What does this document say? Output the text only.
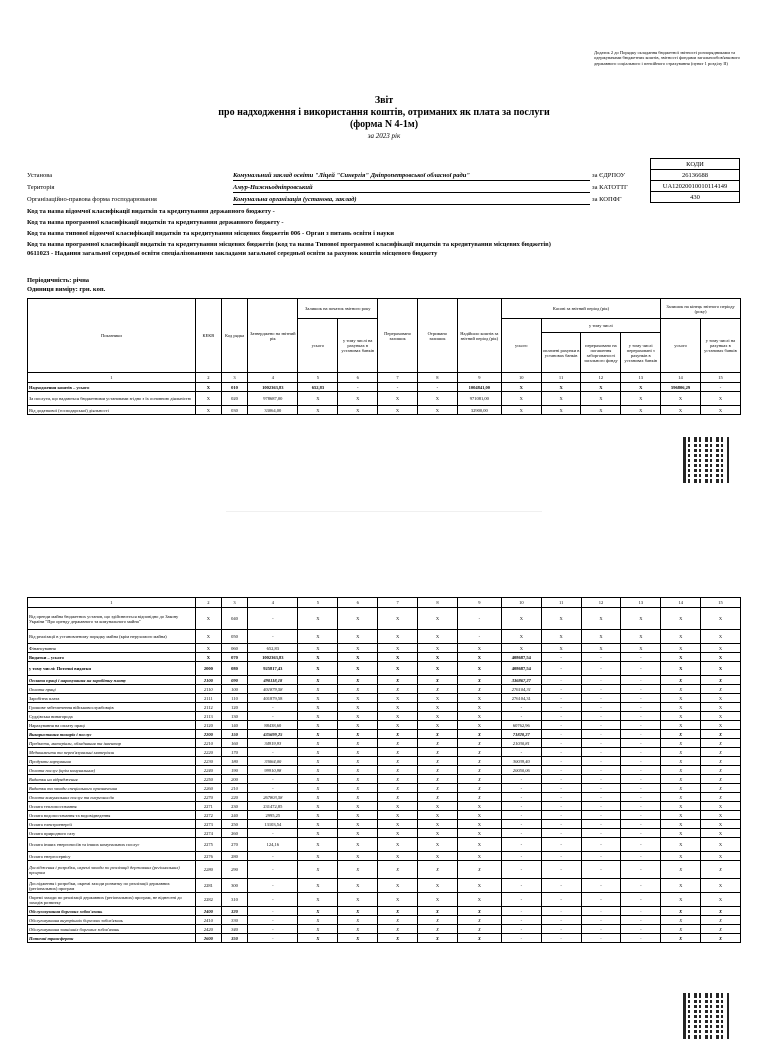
Додаток 2 до Порядку складання бюджетної звітності розпорядниками та одержувачами бюджетних коштів, звітності фондами загальнообов'язкового державного соціального і пенсійного страхування (пункт 1 розділу II)
Звіт
про надходження і використання коштів, отриманих як плата за послуги
(форма N 4-1м)
за 2023 рік
КОДИ
26136688
UA12020010010114149
430
Установа	Комунальний заклад освіти "Ліцей "Синергія" Дніпропетровської обласної ради"	за ЄДРПОУ
Територія	Амур-Нижньодніпровський	за КАТОТТГ
Організаційно-правова форма господарювання	Комунальна організація (установа, заклад)	за КОПФГ
Код та назва відомчої класифікації видатків та кредитування державного бюджету -
Код та назва програмної класифікації видатків та кредитування державного бюджету -
Код та назва типової відомчої класифікації видатків та кредитування місцевих бюджетів 006 - Орган з питань освіти і науки
Код та назва програмної класифікації видатків та кредитування місцевих бюджетів (код та назва Типової програмної класифікації видатків та кредитування місцевих бюджетів) 0611023 - Надання загальної середньої освіти спеціалізованими закладами загальної середньої освіти за рахунок коштів місцевого бюджету
Періодичність: річна
Одиниця виміру: грн. коп.
Показники	КЕКВ	Код рядка	Затверджено на звітний рік	Залишок на початок звітного року		Перераховано залишок	Отримано залишок	Надійшло коштів за звітний період (рік)	Касові за звітний період (рік)				Залишок на кінець звітного періоду (року)	
				усього	у тому числі на рахунках в установах банків				усього	у тому числі			усього	у тому числі на рахунках в установах банків
										оплачені рахунки в установах банків	перераховано на погашення заборгованості загального фонду	у тому числі перераховані з рахунків в установах банків		
1	2	3	4	5	6	7	8	9	10	11	12	13	14	15
Надходження коштів – усього	X	010	1002363,83	652,83	-	-	-	1004841,00	X	X	X	X	596806,29	-
За послуги, що надаються бюджетними установами згідно з їх основною діяльністю	X	020	978687,00	X	X	X	X	971081,00	X	X	X	X	X	X
Від додаткової (господарської) діяльності	X	030	33064,00	X	X	X	X	32900,00	X	X	X	X	X	X
―――――――――――――――――――――――――――――――――――――――――――――――――――――――――――――――――――――――――――――――
1	2	3	4	5	6	7	8	9	10	11	12	13	14	15
Від оренди майна бюджетних установ, що здійснюється відповідно до Закону України "Про оренду державного та комунального майна"	X	040	-	X	X	X	X	-	X	X	X	X	X	X
Від реалізації в установленому порядку майна (крім нерухомого майна)	X	050	-	X	X	X	X	-	X	X	X	X	X	X
Фінансування	X	060	652,83	X	X	X	X	X	X	X	X	X	X	X
Видатки – усього	X	070	1002363,83	X	X	X	X	X	408687,54	-	-	-	X	X
у тому числі: Поточні видатки	2000	080	925817,43	X	X	X	X	X	408687,54	-	-	-	X	X
Оплата праці і нарахування на заробітну плату	2100	090	490118,18	X	X	X	X	X	336867,27	-	-	-	X	X
Оплата праці	2110	100	401879,58	X	X	X	X	X	276104,31	-	-	-	X	X
Заробітна плата	2111	110	401879,58	X	X	X	X	X	276104,31	-	-	-	X	X
Грошове забезпечення військовослужбовців	2112	120	-	X	X	X	X	X	-	-	-	-	X	X
Суддівська винагорода	2113	130	-	X	X	X	X	X	-	-	-	-	X	X
Нарахування на оплату праці	2120	140	88438,60	X	X	X	X	X	60762,96	-	-	-	X	X
Використання товарів і послуг	2200	150	435699,25	X	X	X	X	X	71820,27	-	-	-	X	X
Предмети, матеріали, обладнання та інвентар	2210	160	34919,93	X	X	X	X	X	21030,81	-	-	-	X	X
Медикаменти та перев'язувальні матеріали	2220	170	-	X	X	X	X	X	-	-	-	-	X	X
Продукти харчування	2230	180	33064,00	X	X	X	X	X	30039,40	-	-	-	X	X
Оплата послуг (крім комунальних)	2240	190	99910,98	X	X	X	X	X	20050,06	-	-	-	X	X
Видатки на відрядження	2250	200	-	X	X	X	X	X	-	-	-	-	X	X
Видатки та заходи спеціального призначення	2260	210	-	X	X	X	X	X	-	-	-	-	X	X
Оплата комунальних послуг та енергоносіїв	2270	220	267803,58	X	X	X	X	X	-	-	-	-	X	X
Оплата теплопостачання	2271	230	231472,85	X	X	X	X	X	-	-	-	-	X	X
Оплата водопостачання та водовідведення	2272	240	2995,25	X	X	X	X	X	-	-	-	-	X	X
Оплата електроенергії	2273	250	13103,54	X	X	X	X	X	-	-	-	-	X	X
Оплата природного газу	2274	260	-	X	X	X	X	X	-	-	-	-	X	X
Оплата інших енергоносіїв та інших комунальних послуг	2275	270	124,16	X	X	X	X	X	-	-	-	-	X	X
Оплата енергосервісу	2276	280	-	X	X	X	X	X	-	-	-	-	X	X
Дослідження і розробки, окремі заходи по реалізації державних (регіональних) програм	2280	290	-	X	X	X	X	X	-	-	-	-	X	X
Дослідження і розробки, окремі заходи розвитку по реалізації державних (регіональних) програм	2281	300	-	X	X	X	X	X	-	-	-	-	X	X
Окремі заходи по реалізації державних (регіональних) програм, не віднесені до заходів розвитку	2282	310	-	X	X	X	X	X	-	-	-	-	X	X
Обслуговування боргових зобов'язань	2400	320	-	X	X	X	X	X	-	-	-	-	X	X
Обслуговування внутрішніх боргових зобов'язань	2410	330	-	X	X	X	X	X	-	-	-	-	X	X
Обслуговування зовнішніх боргових зобов'язань	2420	340	-	X	X	X	X	X	-	-	-	-	X	X
Поточні трансферти	2600	350	-	X	X	X	X	X	-	-	-	-	X	X
